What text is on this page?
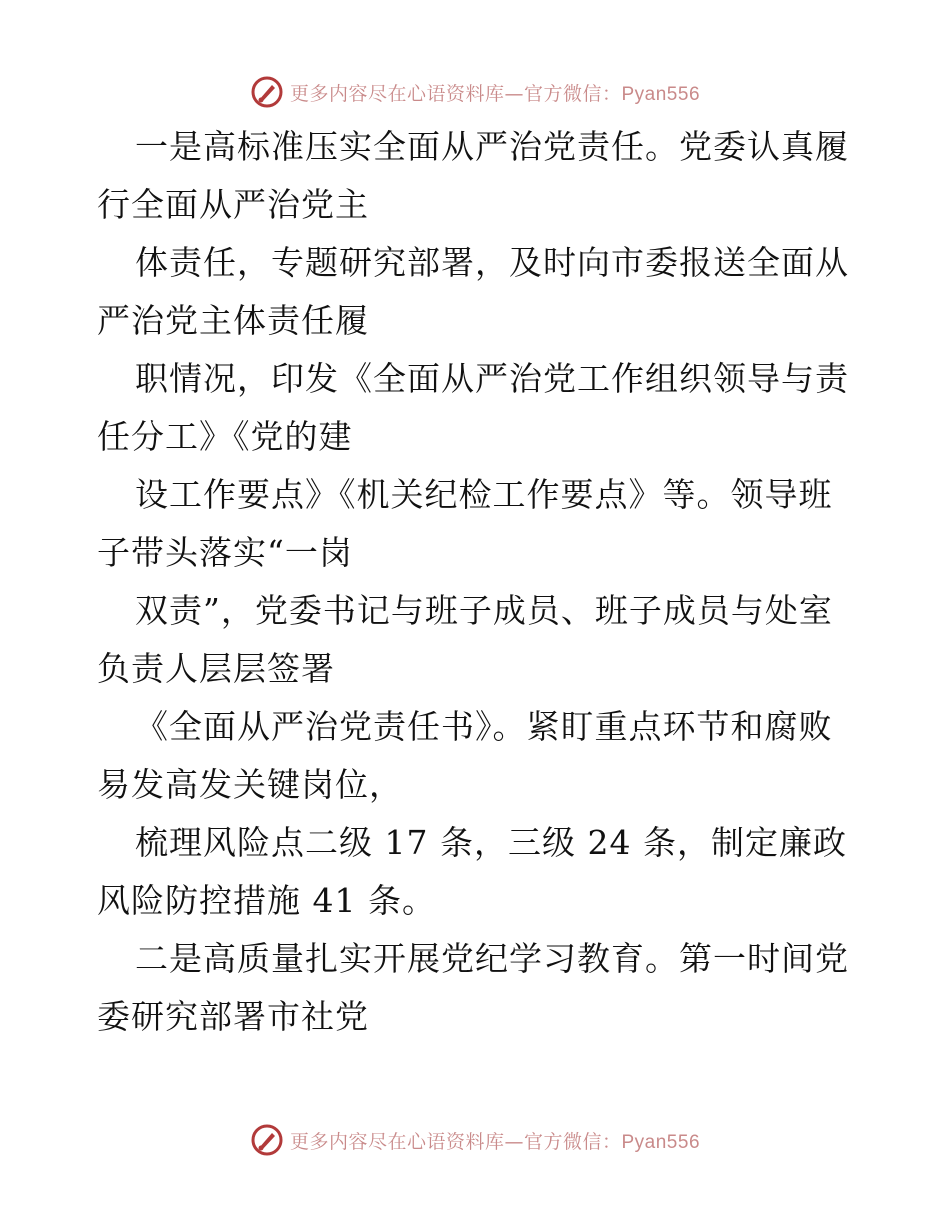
更多内容尽在心语资料库—官方微信：Pyan556
一是高标准压实全面从严治党责任。党委认真履
行全面从严治党主
体责任，专题研究部署，及时向市委报送全面从
严治党主体责任履
职情况，印发《全面从严治党工作组织领导与责
任分工》《党的建
设工作要点》《机关纪检工作要点》等。领导班
子带头落实“一岗
双责”，党委书记与班子成员、班子成员与处室
负责人层层签署
《全面从严治党责任书》。紧盯重点环节和腐败
易发高发关键岗位，
梳理风险点二级 17 条，三级 24 条，制定廉政
风险防控措施 41 条。
二是高质量扎实开展党纪学习教育。第一时间党
委研究部署市社党
更多内容尽在心语资料库—官方微信：Pyan556
